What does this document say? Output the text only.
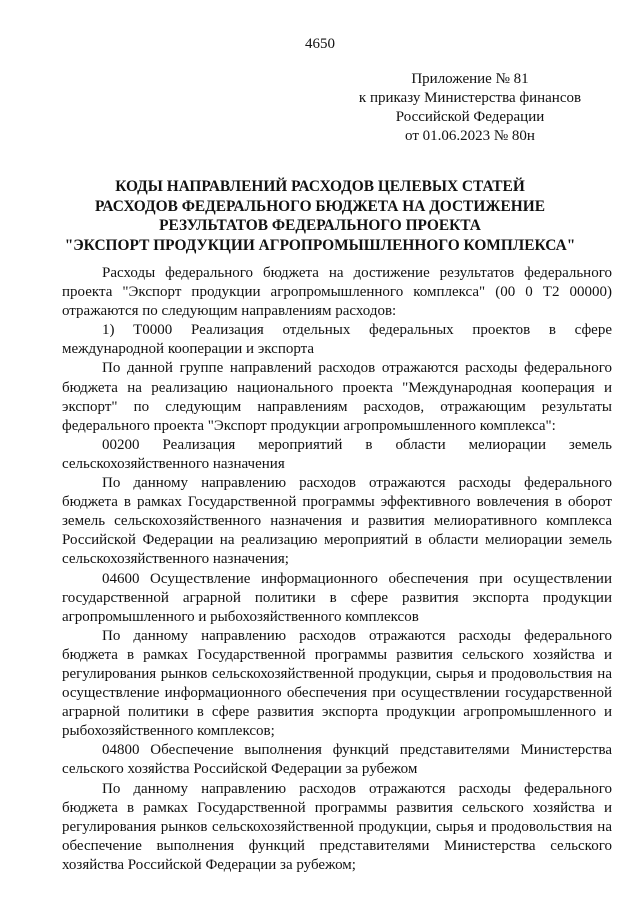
4650
Приложение № 81
к приказу Министерства финансов
Российской Федерации
от 01.06.2023 № 80н
КОДЫ НАПРАВЛЕНИЙ РАСХОДОВ ЦЕЛЕВЫХ СТАТЕЙ
РАСХОДОВ ФЕДЕРАЛЬНОГО БЮДЖЕТА НА ДОСТИЖЕНИЕ
РЕЗУЛЬТАТОВ ФЕДЕРАЛЬНОГО ПРОЕКТА
"ЭКСПОРТ ПРОДУКЦИИ АГРОПРОМЫШЛЕННОГО КОМПЛЕКСА"

Расходы федерального бюджета на достижение результатов федерального проекта "Экспорт продукции агропромышленного комплекса" (00 0 Т2 00000) отражаются по следующим направлениям расходов:

1) Т0000 Реализация отдельных федеральных проектов в сфере международной кооперации и экспорта

По данной группе направлений расходов отражаются расходы федерального бюджета на реализацию национального проекта "Международная кооперация и экспорт" по следующим направлениям расходов, отражающим результаты федерального проекта "Экспорт продукции агропромышленного комплекса":

00200 Реализация мероприятий в области мелиорации земель сельскохозяйственного назначения

По данному направлению расходов отражаются расходы федерального бюджета в рамках Государственной программы эффективного вовлечения в оборот земель сельскохозяйственного назначения и развития мелиоративного комплекса Российской Федерации на реализацию мероприятий в области мелиорации земель сельскохозяйственного назначения;

04600 Осуществление информационного обеспечения при осуществлении государственной аграрной политики в сфере развития экспорта продукции агропромышленного и рыбохозяйственного комплексов

По данному направлению расходов отражаются расходы федерального бюджета в рамках Государственной программы развития сельского хозяйства и регулирования рынков сельскохозяйственной продукции, сырья и продовольствия на осуществление информационного обеспечения при осуществлении государственной аграрной политики в сфере развития экспорта продукции агропромышленного и рыбохозяйственного комплексов;

04800 Обеспечение выполнения функций представителями Министерства сельского хозяйства Российской Федерации за рубежом

По данному направлению расходов отражаются расходы федерального бюджета в рамках Государственной программы развития сельского хозяйства и регулирования рынков сельскохозяйственной продукции, сырья и продовольствия на обеспечение выполнения функций представителями Министерства сельского хозяйства Российской Федерации за рубежом;
